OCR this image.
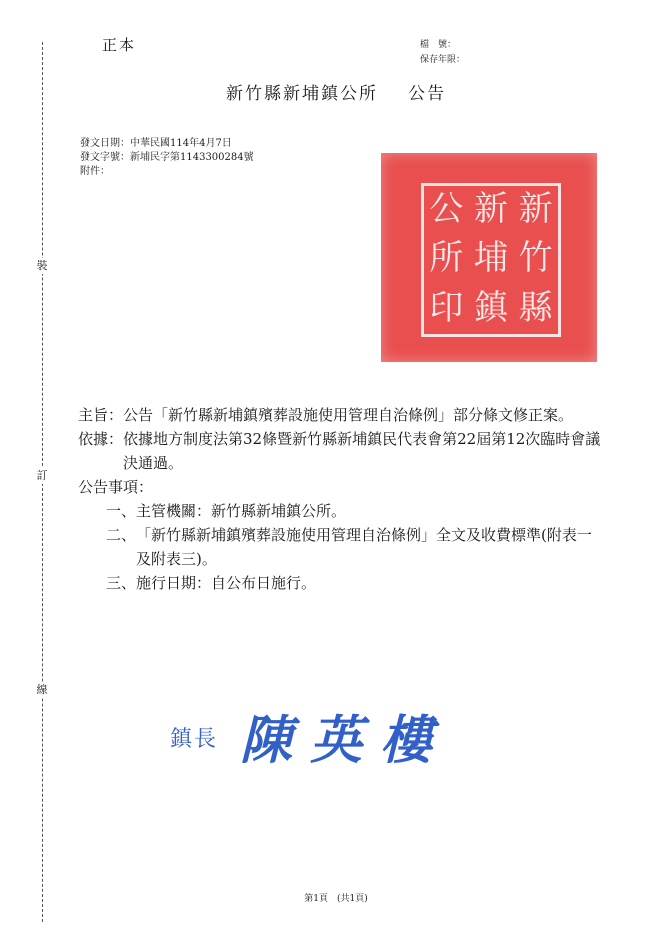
裝
訂
線
正本	檔　號：
保存年限：
新竹縣新埔鎮公所 公告
發文日期：中華民國114年4月7日
發文字號：新埔民字第1143300284號
附件：
新
竹
縣
新
埔
鎮
公
所
印
主旨： 公告「新竹縣新埔鎮殯葬設施使用管理自治條例」部分條文修正案。
依據： 依據地方制度法第32條暨新竹縣新埔鎮民代表會第22屆第12次臨時會議決通過。
公告事項：
一、 主管機關：新竹縣新埔鎮公所。
二、 「新竹縣新埔鎮殯葬設施使用管理自治條例」全文及收費標準(附表一及附表三)。
三、 施行日期：自公布日施行。
鎮長 陳英樓
第1頁　(共1頁)
